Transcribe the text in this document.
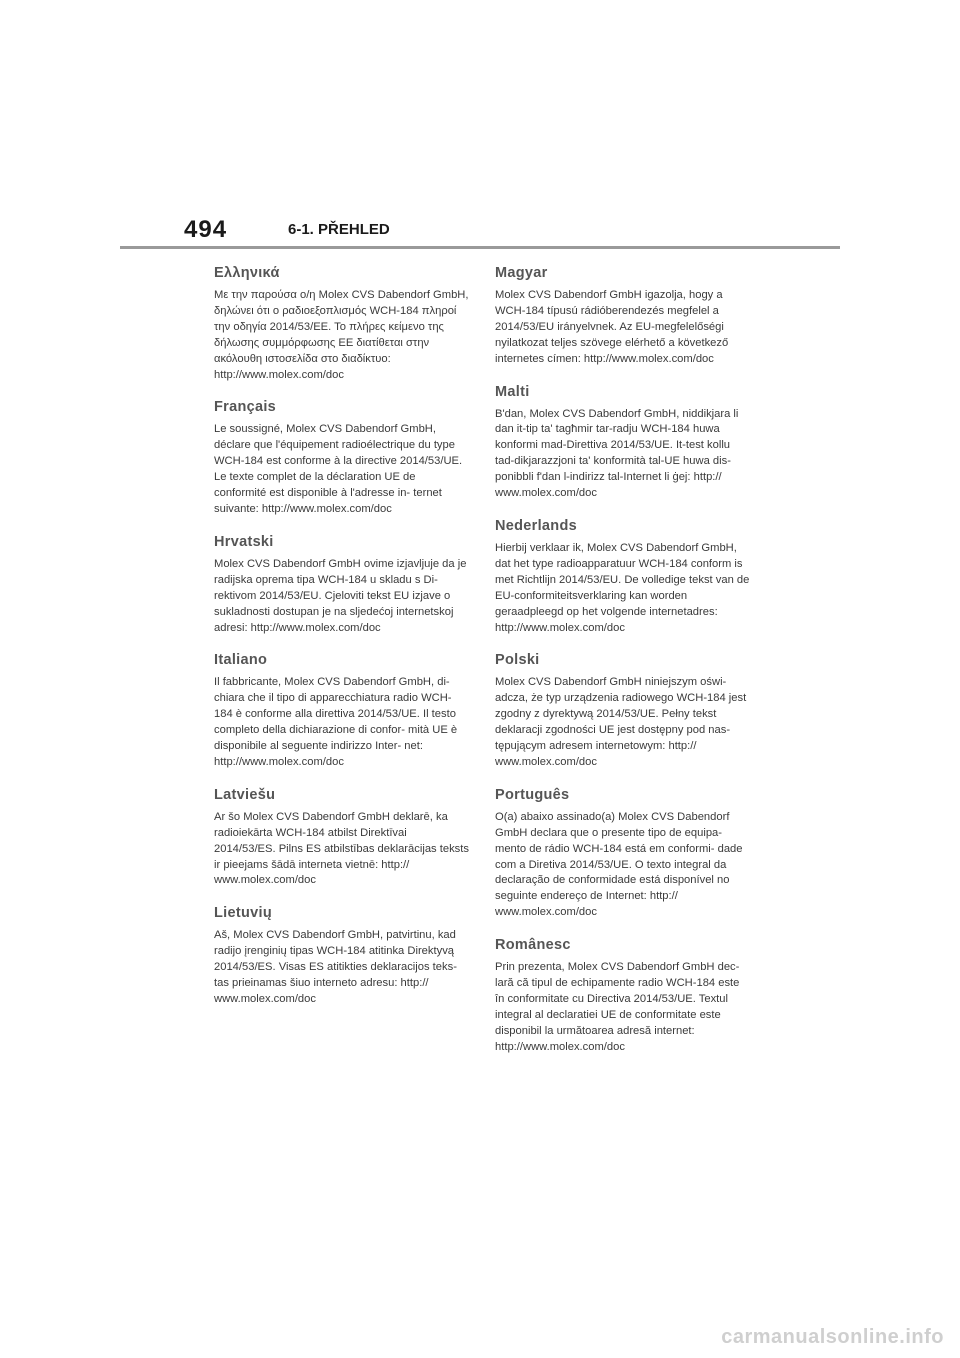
494	6-1. PŘEHLED
Ελληνικά

Με την παρούσα ο/η Molex CVS Dabendorf GmbH, δηλώνει ότι ο ραδιοεξοπλισμός WCH-184 πληροί την οδηγία 2014/53/ΕΕ. Το πλήρες κείμενο της δήλωσης συμμόρφωσης ΕΕ διατίθεται στην ακόλουθη ιστοσελίδα στο διαδίκτυο: http://www.molex.com/doc

Français

Le soussigné, Molex CVS Dabendorf GmbH, déclare que l'équipement radioélectrique du type WCH-184 est conforme à la directive 2014/53/UE. Le texte complet de la déclaration UE de conformité est disponible à l'adresse in- ternet suivante: http://www.molex.com/doc

Hrvatski

Molex CVS Dabendorf GmbH ovime izjavljuje da je radijska oprema tipa WCH-184 u skladu s Di- rektivom 2014/53/EU. Cjeloviti tekst EU izjave o sukladnosti dostupan je na sljedećoj internetskoj adresi: http://www.molex.com/doc

Italiano

Il fabbricante, Molex CVS Dabendorf GmbH, di- chiara che il tipo di apparecchiatura radio WCH-184 è conforme alla direttiva 2014/53/UE. Il testo completo della dichiarazione di confor- mità UE è disponibile al seguente indirizzo Inter- net: http://www.molex.com/doc

Latviešu

Ar šo Molex CVS Dabendorf GmbH deklarē, ka radioiekārta WCH-184 atbilst Direktīvai 2014/53/ES. Pilns ES atbilstības deklarācijas teksts ir pieejams šādā interneta vietnē: http:// www.molex.com/doc

Lietuvių

Aš, Molex CVS Dabendorf GmbH, patvirtinu, kad radijo įrenginių tipas WCH-184 atitinka Direktyvą 2014/53/ES. Visas ES atitikties deklaracijos teks- tas prieinamas šiuo interneto adresu: http:// www.molex.com/doc

Magyar

Molex CVS Dabendorf GmbH igazolja, hogy a WCH-184 típusú rádióberendezés megfelel a 2014/53/EU irányelvnek. Az EU-megfelelőségi nyilatkozat teljes szövege elérhető a következő internetes címen: http://www.molex.com/doc

Malti

B'dan, Molex CVS Dabendorf GmbH, niddikjara li dan it-tip ta' tagħmir tar-radju WCH-184 huwa konformi mad-Direttiva 2014/53/UE. It-test kollu tad-dikjarazzjoni ta' konformità tal-UE huwa dis- ponibbli f'dan l-indirizz tal-Internet li ġej: http:// www.molex.com/doc

Nederlands

Hierbij verklaar ik, Molex CVS Dabendorf GmbH, dat het type radioapparatuur WCH-184 conform is met Richtlijn 2014/53/EU. De volledige tekst van de EU-conformiteitsverklaring kan worden geraadpleegd op het volgende internetadres: http://www.molex.com/doc

Polski

Molex CVS Dabendorf GmbH niniejszym oświ- adcza, że typ urządzenia radiowego WCH-184 jest zgodny z dyrektywą 2014/53/UE. Pełny tekst deklaracji zgodności UE jest dostępny pod nas- tępującym adresem internetowym: http:// www.molex.com/doc

Português

O(a) abaixo assinado(a) Molex CVS Dabendorf GmbH declara que o presente tipo de equipa- mento de rádio WCH-184 está em conformi- dade com a Diretiva 2014/53/UE. O texto integral da declaração de conformidade está disponível no seguinte endereço de Internet: http:// www.molex.com/doc

Românesc

Prin prezenta, Molex CVS Dabendorf GmbH dec- lară că tipul de echipamente radio WCH-184 este în conformitate cu Directiva 2014/53/UE. Textul integral al declaratiei UE de conformitate este disponibil la următoarea adresă internet: http://www.molex.com/doc

carmanualsonline.info
